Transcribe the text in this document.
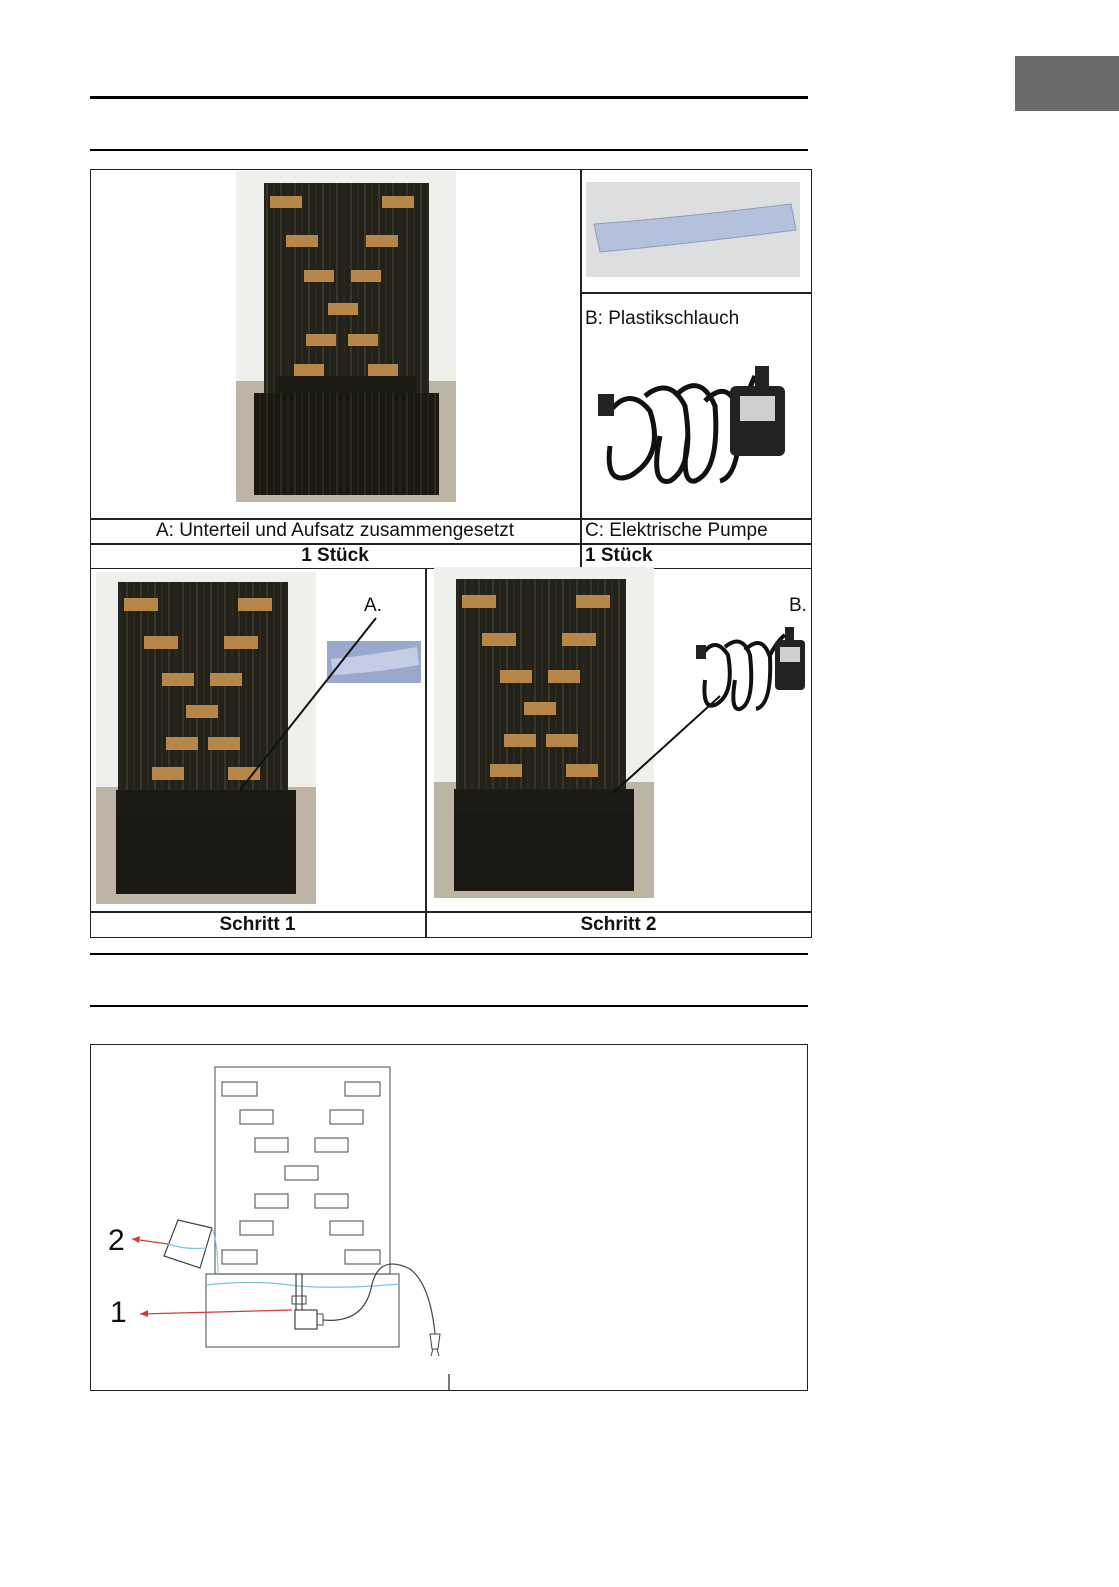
B: Plastikschlauch
A: Unterteil und Aufsatz zusammengesetzt	C: Elektrische Pumpe
1 Stück	1 Stück
A.	B.
Schritt 1	Schritt 2
2
1
